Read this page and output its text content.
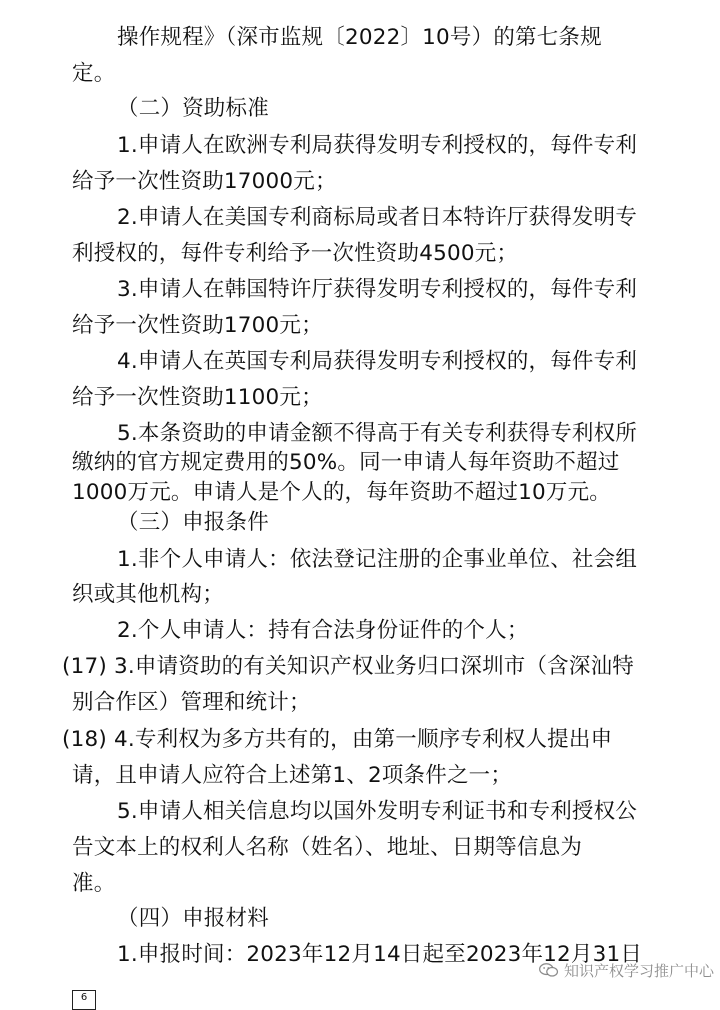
操作规程》（深市监规〔2022〕10号）的第七条规
定。
（二）资助标准
1.申请人在欧洲专利局获得发明专利授权的，每件专利
给予一次性资助17000元；
2.申请人在美国专利商标局或者日本特许厅获得发明专
利授权的，每件专利给予一次性资助4500元；
3.申请人在韩国特许厅获得发明专利授权的，每件专利
给予一次性资助1700元；
4.申请人在英国专利局获得发明专利授权的，每件专利
给予一次性资助1100元；
5.本条资助的申请金额不得高于有关专利获得专利权所
缴纳的官方规定费用的50%。同一申请人每年资助不超过
1000万元。申请人是个人的，每年资助不超过10万元。
（三）申报条件
1.非个人申请人：依法登记注册的企事业单位、社会组
织或其他机构；
2.个人申请人：持有合法身份证件的个人；
(17) 3.申请资助的有关知识产权业务归口深圳市（含深汕特
别合作区）管理和统计；
(18) 4.专利权为多方共有的，由第一顺序专利权人提出申
请，且申请人应符合上述第1、2项条件之一；
5.申请人相关信息均以国外发明专利证书和专利授权公
告文本上的权利人名称（姓名）、地址、日期等信息为
准。
（四）申报材料
1.申报时间：2023年12月14日起至2023年12月31日
知识产权学习推广中心
6
